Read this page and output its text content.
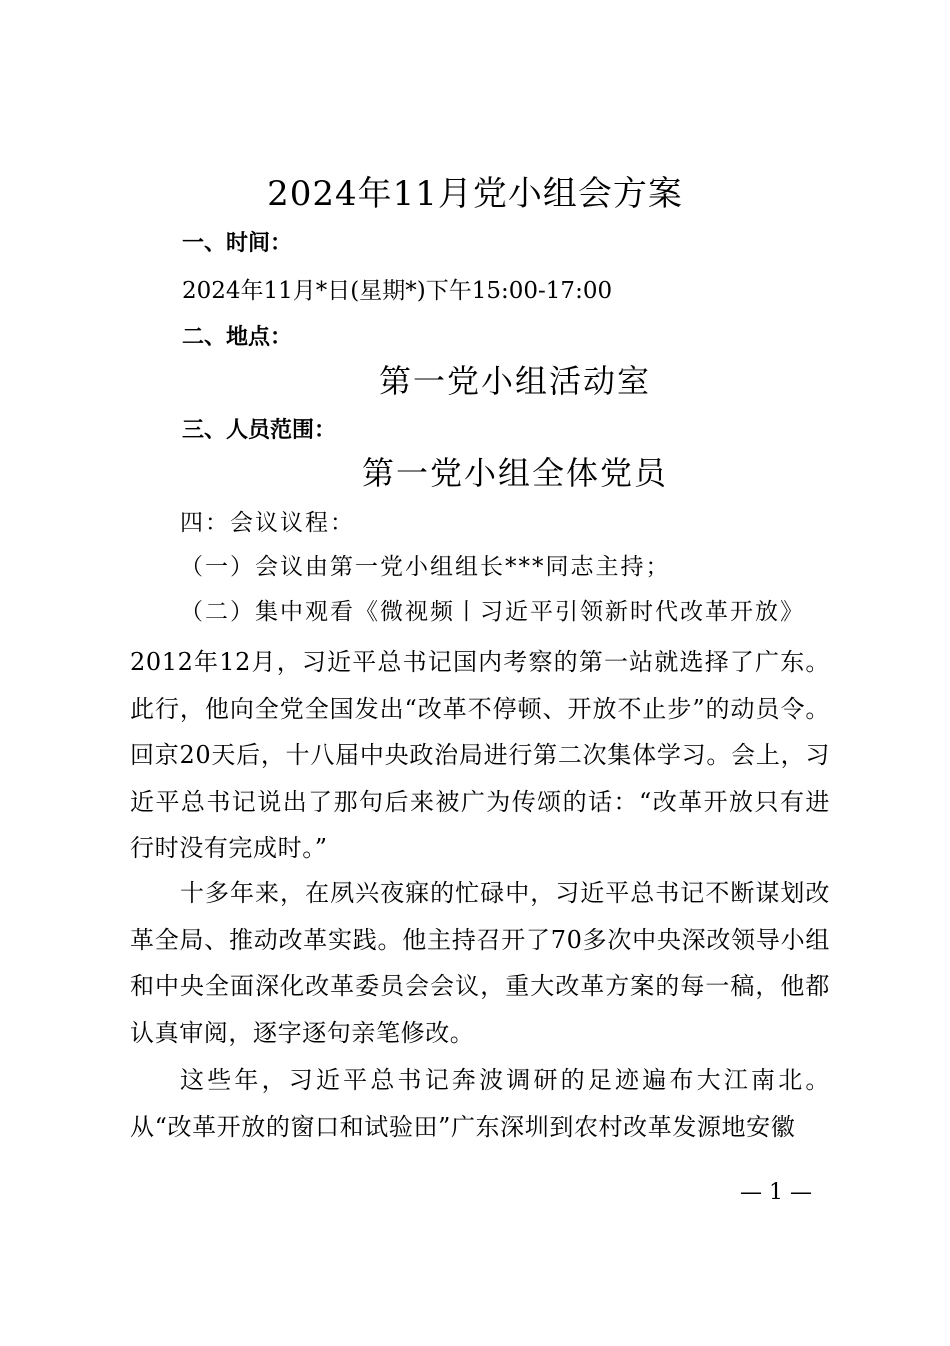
2024年11月党小组会方案
一、时间：
2024年11月*日(星期*)下午15:00-17:00
二、地点：
第一党小组活动室
三、人员范围：
第一党小组全体党员
四：会议议程：
（一）会议由第一党小组组长***同志主持；
（二）集中观看《微视频丨习近平引领新时代改革开放》

2012年12月，习近平总书记国内考察的第一站就选择了广东。此行，他向全党全国发出“改革不停顿、开放不止步”的动员令。回京20天后，十八届中央政治局进行第二次集体学习。会上，习近平总书记说出了那句后来被广为传颂的话：“改革开放只有进行时没有完成时。”

十多年来，在夙兴夜寐的忙碌中，习近平总书记不断谋划改革全局、推动改革实践。他主持召开了70多次中央深改领导小组和中央全面深化改革委员会会议，重大改革方案的每一稿，他都认真审阅，逐字逐句亲笔修改。

这些年，习近平总书记奔波调研的足迹遍布大江南北。从“改革开放的窗口和试验田”广东深圳到农村改革发源地安徽

— 1 —
